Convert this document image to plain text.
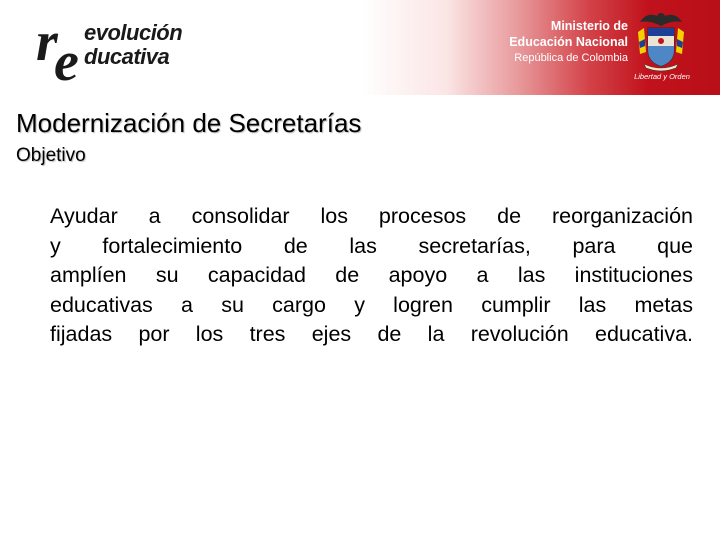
r
e evolución
ducativa
Ministerio de
Educación Nacional
República de Colombia
Libertad y Orden
Modernización de Secretarías
Objetivo
Ayudar a consolidar los procesos de reorganización
y fortalecimiento de las secretarías, para que
amplíen su capacidad de apoyo a las instituciones
educativas a su cargo y logren cumplir las metas
fijadas por los tres ejes de la revolución educativa.
